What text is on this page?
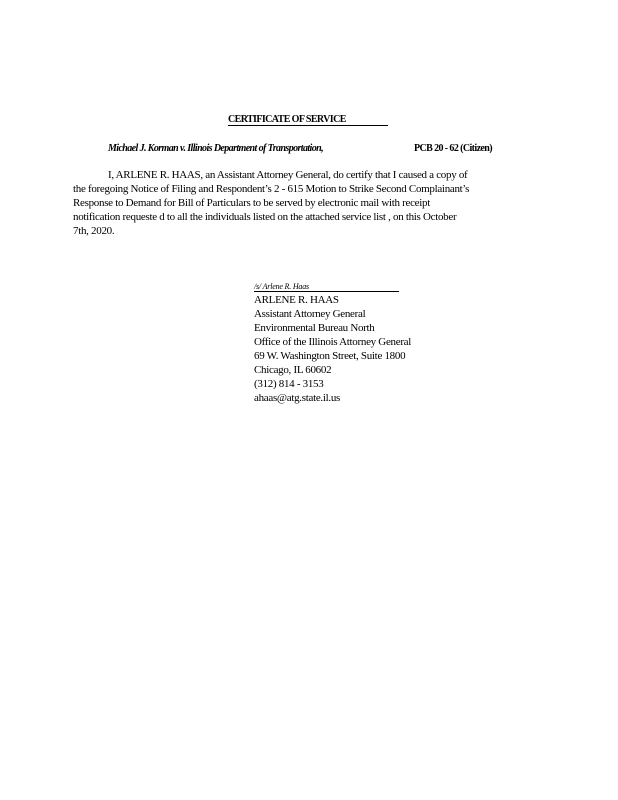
CERTIFICATE OF SERVICE
Michael J. Korman v. Illinois Department of Transportation,	PCB 20 - 62 (Citizen)
I, ARLENE R. HAAS, an Assistant Attorney General, do certify that I caused a copy of
the foregoing Notice of Filing and Respondent’s 2 - 615 Motion to Strike Second Complainant’s
Response to Demand for Bill of Particulars to be served by electronic mail with receipt
notification requeste d to all the individuals listed on the attached service list , on this October
7th, 2020.
/s/ Arlene R. Haas
ARLENE R. HAAS
Assistant Attorney General
Environmental Bureau North
Office of the Illinois Attorney General
69 W. Washington Street, Suite 1800
Chicago, IL 60602
(312) 814 - 3153
ahaas@atg.state.il.us
